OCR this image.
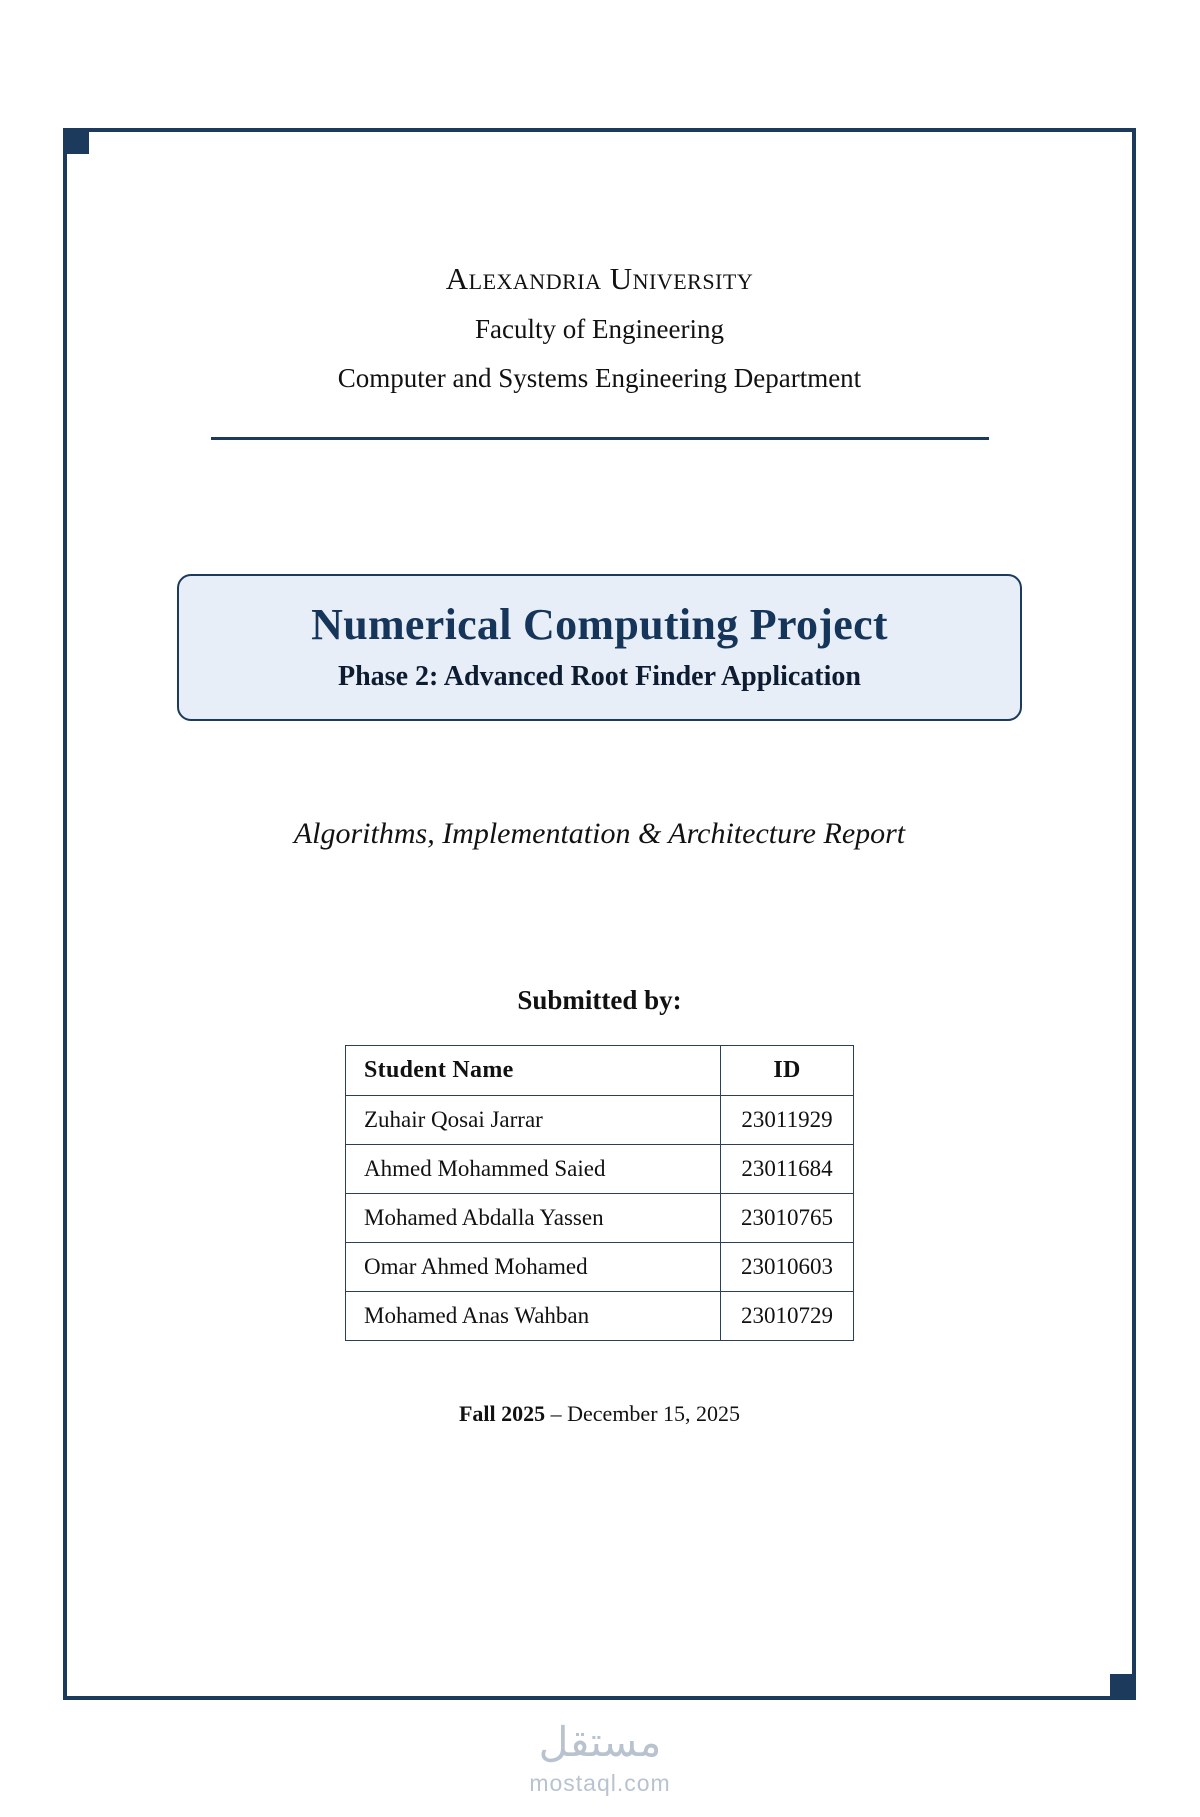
Alexandria University
Faculty of Engineering
Computer and Systems Engineering Department
Numerical Computing Project
Phase 2: Advanced Root Finder Application
Algorithms, Implementation & Architecture Report
Submitted by:
Student Name	ID
Zuhair Qosai Jarrar	23011929
Ahmed Mohammed Saied	23011684
Mohamed Abdalla Yassen	23010765
Omar Ahmed Mohamed	23010603
Mohamed Anas Wahban	23010729
Fall 2025 – December 15, 2025
مستقل
mostaql.com
